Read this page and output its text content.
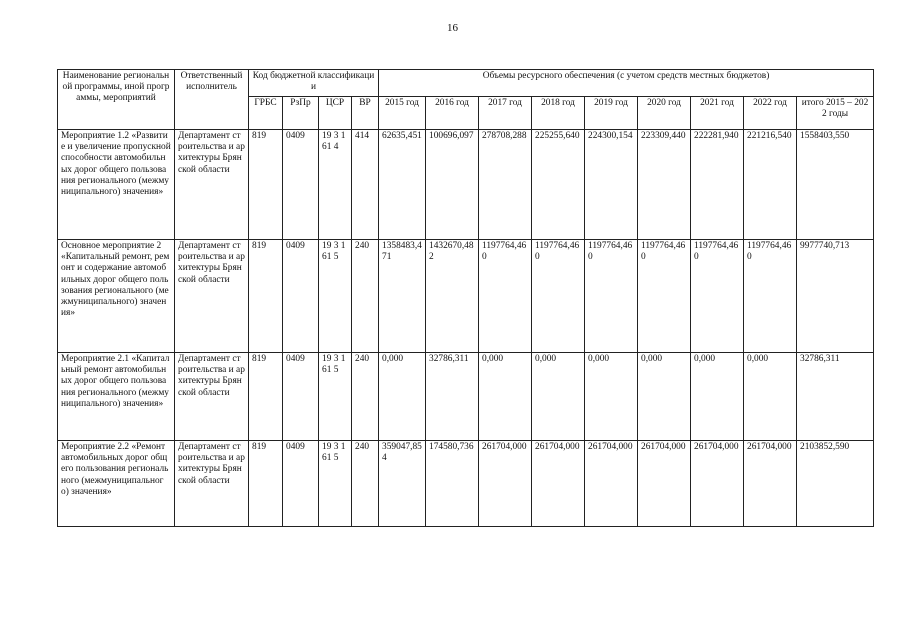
16
Наименование региональной программы, иной программы, мероприятий	Ответственный исполнитель	Код бюджетной классификации				Объемы ресурсного обеспечения (с учетом средств местных бюджетов)								
		ГРБС	РзПр	ЦСР	ВР	2015 год	2016 год	2017 год	2018 год	2019 год	2020 год	2021 год	2022 год	итого 2015 – 2022 годы
Мероприятие 1.2 «Развитие и увеличение пропускной способности автомобильных дорог общего пользования регионального (межмуниципального) значения»	Департамент строительства и архитектуры Брянской области	819	0409	19 3 161 4	414	62635,451	100696,097	278708,288	225255,640	224300,154	223309,440	222281,940	221216,540	1558403,550
Основное мероприятие 2 «Капитальный ремонт, ремонт и содержание автомобильных дорог общего пользования регионального (межмуниципального) значения»	Департамент строительства и архитектуры Брянской области	819	0409	19 3 161 5	240	1358483,471	1432670,482	1197764,460	1197764,460	1197764,460	1197764,460	1197764,460	1197764,460	9977740,713
Мероприятие 2.1 «Капитальный ремонт автомобильных дорог общего пользования регионального (межмуниципального) значения»	Департамент строительства и архитектуры Брянской области	819	0409	19 3 161 5	240	0,000	32786,311	0,000	0,000	0,000	0,000	0,000	0,000	32786,311
Мероприятие 2.2 «Ремонт автомобильных дорог общего пользования регионального (межмуниципального) значения»	Департамент строительства и архитектуры Брянской области	819	0409	19 3 161 5	240	359047,854	174580,736	261704,000	261704,000	261704,000	261704,000	261704,000	261704,000	2103852,590
